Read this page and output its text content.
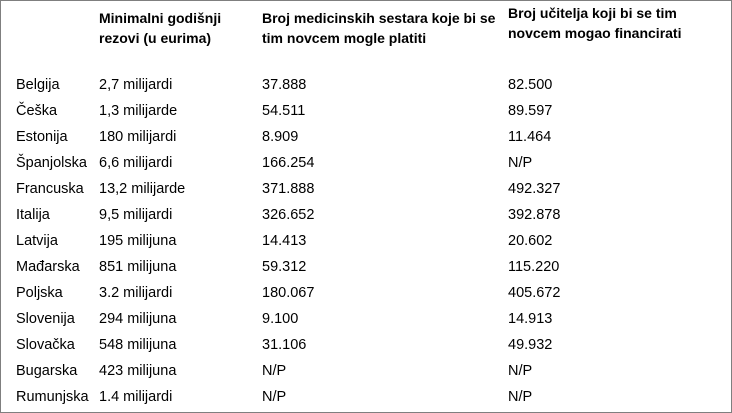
	Minimalni godišnji rezovi (u eurima)	Broj medicinskih sestara koje bi se tim novcem mogle platiti	Broj učitelja koji bi se tim novcem mogao financirati

Belgija	2,7 milijardi	37.888	82.500
Češka	1,3 milijarde	54.511	89.597
Estonija	180 milijardi	8.909	11.464
Španjolska	6,6 milijardi	166.254	N/P
Francuska	13,2 milijarde	371.888	492.327
Italija	9,5 milijardi	326.652	392.878
Latvija	195 milijuna	14.413	20.602
Mađarska	851 milijuna	59.312	115.220
Poljska	3.2 milijardi	180.067	405.672
Slovenija	294 milijuna	9.100	14.913
Slovačka	548 milijuna	31.106	49.932
Bugarska	423 milijuna	N/P	N/P
Rumunjska	1.4 milijardi	N/P	N/P
